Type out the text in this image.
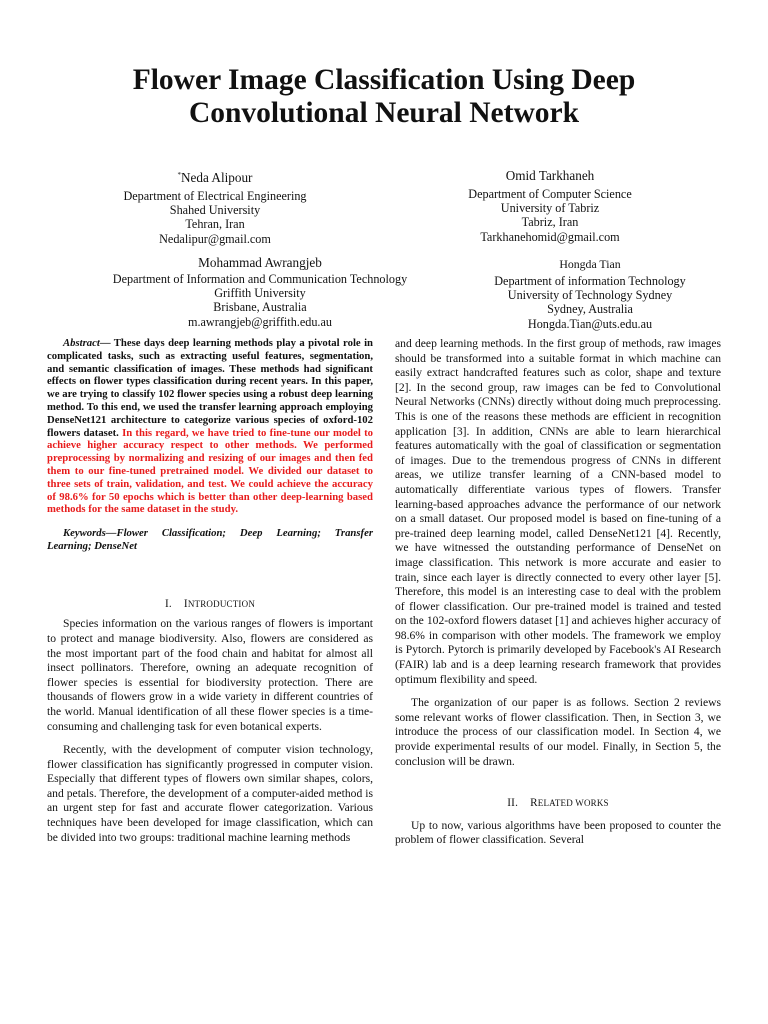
Flower Image Classification Using Deep Convolutional Neural Network
*Neda Alipour
Department of Electrical Engineering
Shahed University
Tehran, Iran
Nedalipur@gmail.com
Omid Tarkhaneh
Department of Computer Science
University of Tabriz
Tabriz, Iran
Tarkhanehomid@gmail.com
Mohammad Awrangjeb
Department of Information and Communication Technology
Griffith University
Brisbane, Australia
m.awrangjeb@griffith.edu.au
Hongda Tian
Department of information Technology
University of Technology Sydney
Sydney, Australia
Hongda.Tian@uts.edu.au

Abstract— These days deep learning methods play a pivotal role in complicated tasks, such as extracting useful features, segmentation, and semantic classification of images. These methods had significant effects on flower types classification during recent years. In this paper, we are trying to classify 102 flower species using a robust deep learning method. To this end, we used the transfer learning approach employing DenseNet121 architecture to categorize various species of oxford-102 flowers dataset. In this regard, we have tried to fine-tune our model to achieve higher accuracy respect to other methods. We performed preprocessing by normalizing and resizing of our images and then fed them to our fine-tuned pretrained model. We divided our dataset to three sets of train, validation, and test. We could achieve the accuracy of 98.6% for 50 epochs which is better than other deep-learning based methods for the same dataset in the study.

Keywords—Flower Classification; Deep Learning; Transfer Learning; DenseNet

I. INTRODUCTION

Species information on the various ranges of flowers is important to protect and manage biodiversity. Also, flowers are considered as the most important part of the food chain and habitat for almost all insect pollinators. Therefore, owning an adequate recognition of flower species is essential for biodiversity protection. There are thousands of flowers grow in a wide variety in different countries of the world. Manual identification of all these flower species is a time-consuming and challenging task for even botanical experts.

Recently, with the development of computer vision technology, flower classification has significantly progressed in computer vision. Especially that different types of flowers own similar shapes, colors, and petals. Therefore, the development of a computer-aided method is an urgent step for fast and accurate flower categorization. Various techniques have been developed for image classification, which can be divided into two groups: traditional machine learning methods

and deep learning methods. In the first group of methods, raw images should be transformed into a suitable format in which machine can easily extract handcrafted features such as color, shape and texture [2]. In the second group, raw images can be fed to Convolutional Neural Networks (CNNs) directly without doing much preprocessing. This is one of the reasons these methods are efficient in recognition application [3]. In addition, CNNs are able to learn hierarchical features automatically with the goal of classification or segmentation of images. Due to the tremendous progress of CNNs in different areas, we utilize transfer learning of a CNN-based model to automatically differentiate various types of flowers. Transfer learning-based approaches advance the performance of our network on a small dataset. Our proposed model is based on fine-tuning of a pre-trained deep learning model, called DenseNet121 [4]. Recently, we have witnessed the outstanding performance of DenseNet on image classification. This network is more accurate and easier to train, since each layer is directly connected to every other layer [5]. Therefore, this model is an interesting case to deal with the problem of flower classification. Our pre-trained model is trained and tested on the 102-oxford flowers dataset [1] and achieves higher accuracy of 98.6% in comparison with other models. The framework we employ is Pytorch. Pytorch is primarily developed by Facebook's AI Research (FAIR) lab and is a deep learning research framework that provides optimum flexibility and speed.

The organization of our paper is as follows. Section 2 reviews some relevant works of flower classification. Then, in Section 3, we introduce the process of our classification model. In Section 4, we provide experimental results of our model. Finally, in Section 5, the conclusion will be drawn.

II. RELATED WORKS

Up to now, various algorithms have been proposed to counter the problem of flower classification. Several
